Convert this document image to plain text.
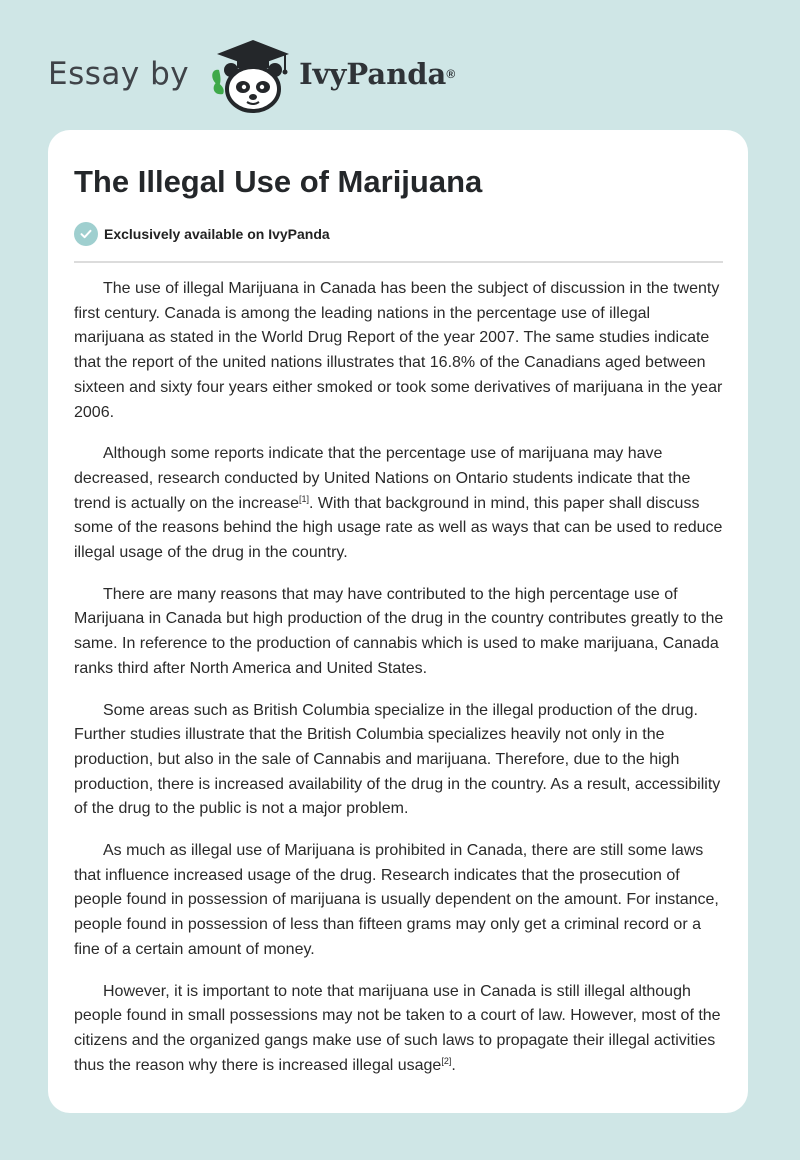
Essay by	IvyPanda ®
The Illegal Use of Marijuana
Exclusively available on IvyPanda

The use of illegal Marijuana in Canada has been the subject of discussion in the twenty first century. Canada is among the leading nations in the percentage use of illegal marijuana as stated in the World Drug Report of the year 2007. The same studies indicate that the report of the united nations illustrates that 16.8% of the Canadians aged between sixteen and sixty four years either smoked or took some derivatives of marijuana in the year 2006.

Although some reports indicate that the percentage use of marijuana may have decreased, research conducted by United Nations on Ontario students indicate that the trend is actually on the increase[1]. With that background in mind, this paper shall discuss some of the reasons behind the high usage rate as well as ways that can be used to reduce illegal usage of the drug in the country.

There are many reasons that may have contributed to the high percentage use of Marijuana in Canada but high production of the drug in the country contributes greatly to the same. In reference to the production of cannabis which is used to make marijuana, Canada ranks third after North America and United States.

Some areas such as British Columbia specialize in the illegal production of the drug. Further studies illustrate that the British Columbia specializes heavily not only in the production, but also in the sale of Cannabis and marijuana. Therefore, due to the high production, there is increased availability of the drug in the country. As a result, accessibility of the drug to the public is not a major problem.

As much as illegal use of Marijuana is prohibited in Canada, there are still some laws that influence increased usage of the drug. Research indicates that the prosecution of people found in possession of marijuana is usually dependent on the amount. For instance, people found in possession of less than fifteen grams may only get a criminal record or a fine of a certain amount of money.

However, it is important to note that marijuana use in Canada is still illegal although people found in small possessions may not be taken to a court of law. However, most of the citizens and the organized gangs make use of such laws to propagate their illegal activities thus the reason why there is increased illegal usage[2].
